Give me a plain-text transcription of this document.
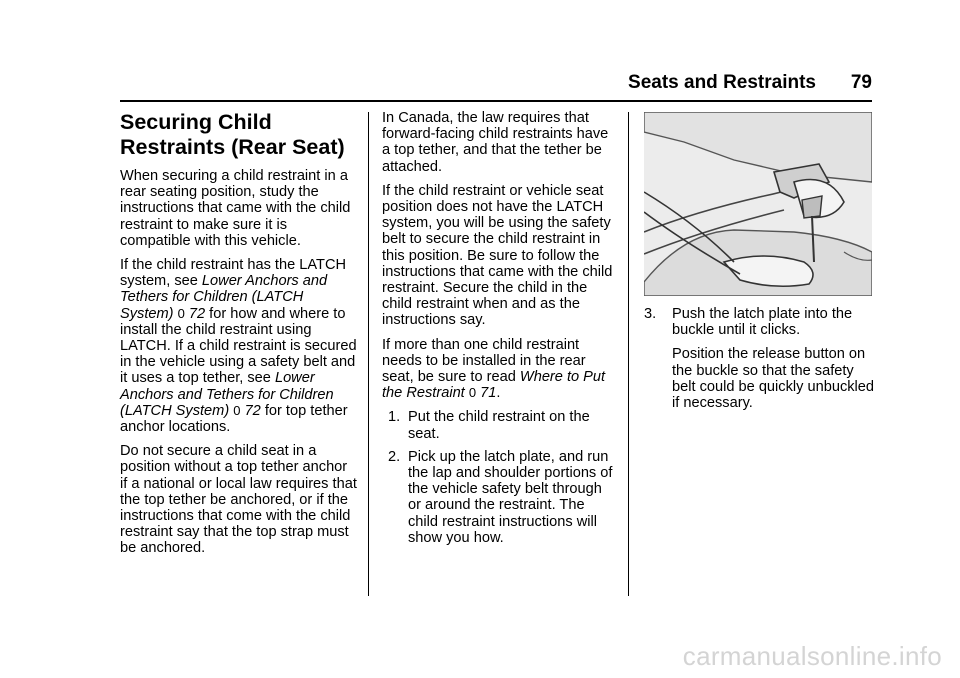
Seats and Restraints 79
Securing Child Restraints (Rear Seat)

When securing a child restraint in a rear seating position, study the instructions that came with the child restraint to make sure it is compatible with this vehicle.

If the child restraint has the LATCH system, see Lower Anchors and Tethers for Children (LATCH System) 0 72 for how and where to install the child restraint using LATCH. If a child restraint is secured in the vehicle using a safety belt and it uses a top tether, see Lower Anchors and Tethers for Children (LATCH System) 0 72 for top tether anchor locations.

Do not secure a child seat in a position without a top tether anchor if a national or local law requires that the top tether be anchored, or if the instructions that come with the child restraint say that the top strap must be anchored.

In Canada, the law requires that forward-facing child restraints have a top tether, and that the tether be attached.

If the child restraint or vehicle seat position does not have the LATCH system, you will be using the safety belt to secure the child restraint in this position. Be sure to follow the instructions that came with the child restraint. Secure the child in the child restraint when and as the instructions say.

If more than one child restraint needs to be installed in the rear seat, be sure to read Where to Put the Restraint 0 71.

1. Put the child restraint on the seat.
2. Pick up the latch plate, and run the lap and shoulder portions of the vehicle safety belt through or around the restraint. The child restraint instructions will show you how.
3. Push the latch plate into the buckle until it clicks.
Position the release button on the buckle so that the safety belt could be quickly unbuckled if necessary.
carmanualsonline.info
